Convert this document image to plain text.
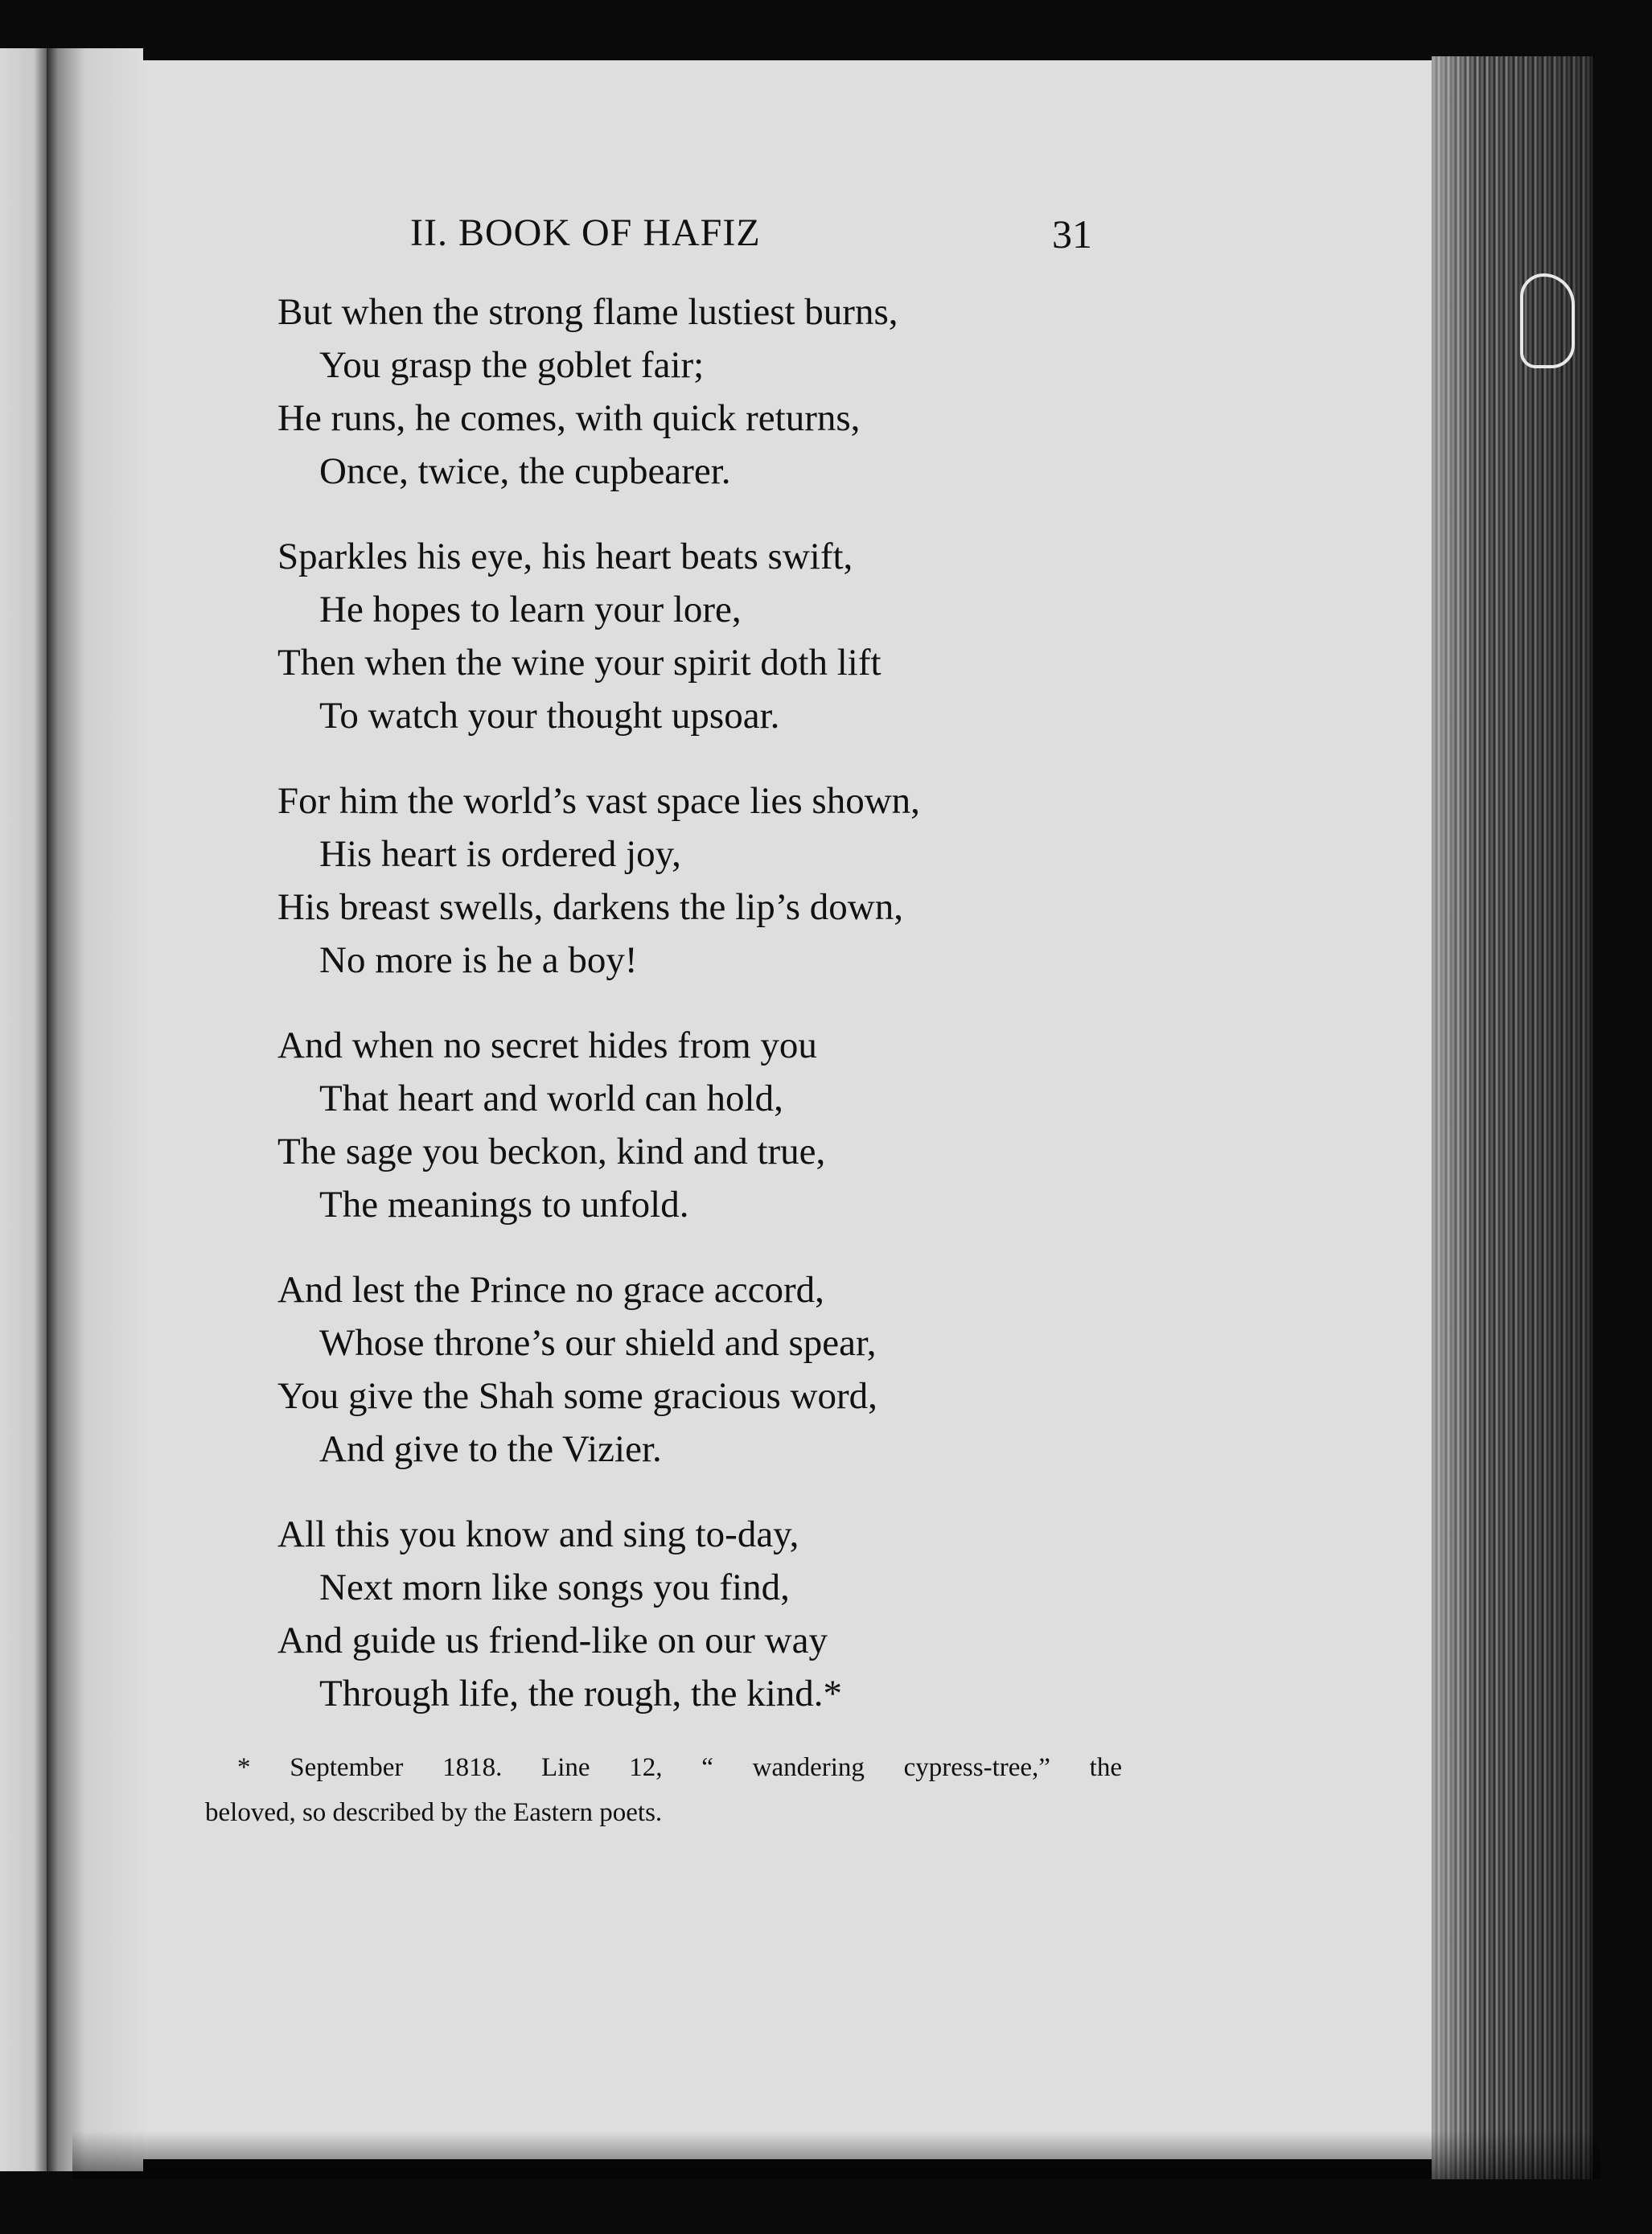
II. BOOK OF HAFIZ	31
But when the strong flame lustiest burns,
You grasp the goblet fair;
He runs, he comes, with quick returns,
Once, twice, the cupbearer.
Sparkles his eye, his heart beats swift,
He hopes to learn your lore,
Then when the wine your spirit doth lift
To watch your thought upsoar.
For him the world’s vast space lies shown,
His heart is ordered joy,
His breast swells, darkens the lip’s down,
No more is he a boy!
And when no secret hides from you
That heart and world can hold,
The sage you beckon, kind and true,
The meanings to unfold.
And lest the Prince no grace accord,
Whose throne’s our shield and spear,
You give the Shah some gracious word,
And give to the Vizier.
All this you know and sing to-day,
Next morn like songs you find,
And guide us friend-like on our way
Through life, the rough, the kind.*
* September 1818. Line 12, “ wandering cypress-tree,” the
beloved, so described by the Eastern poets.
